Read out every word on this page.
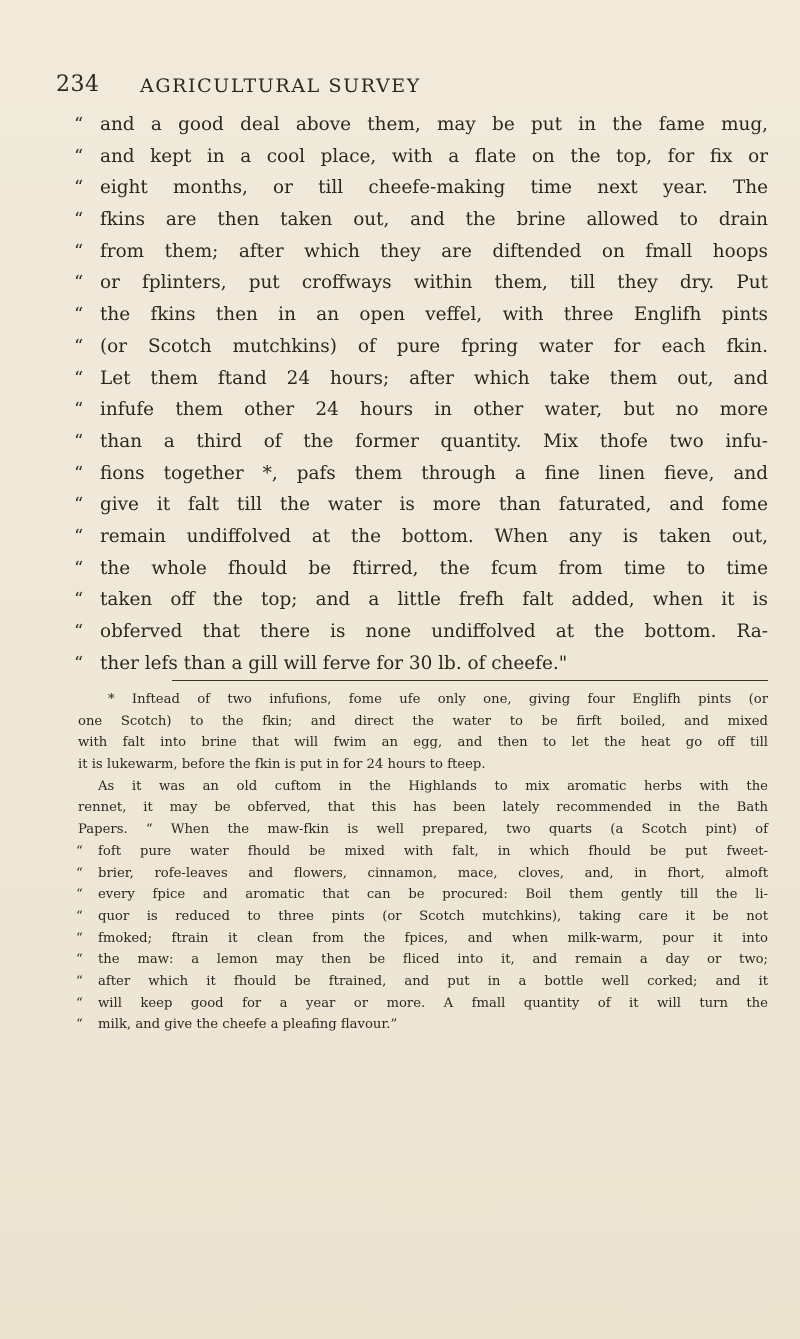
234 AGRICULTURAL SURVEY
“ and a good deal above them, may be put in the fame mug,
“ and kept in a cool place, with a flate on the top, for fix or
“ eight months, or till cheefe-making time next year. The
“ fkins are then taken out, and the brine allowed to drain
“ from them; after which they are diftended on fmall hoops
“ or fplinters, put croffways within them, till they dry. Put
“ the fkins then in an open veffel, with three Englifh pints
“ (or Scotch mutchkins) of pure fpring water for each fkin.
“ Let them ftand 24 hours; after which take them out, and
“ infufe them other 24 hours in other water, but no more
“ than a third of the former quantity. Mix thofe two infu-
“ fions together *, pafs them through a fine linen fieve, and
“ give it falt till the water is more than faturated, and fome
“ remain undiffolved at the bottom. When any is taken out,
“ the whole fhould be ftirred, the fcum from time to time
“ taken off the top; and a little frefh falt added, when it is
“ obferved that there is none undiffolved at the bottom. Ra-
“ ther lefs than a gill will ferve for 30 lb. of cheefe."
* Inftead of two infufions, fome ufe only one, giving four Englifh pints (or
one Scotch) to the fkin; and direct the water to be firft boiled, and mixed
with falt into brine that will fwim an egg, and then to let the heat go off till
it is lukewarm, before the fkin is put in for 24 hours to fteep.
As it was an old cuftom in the Highlands to mix aromatic herbs with the
rennet, it may be obferved, that this has been lately recommended in the Bath
Papers. “ When the maw-fkin is well prepared, two quarts (a Scotch pint) of
“	foft pure water fhould be mixed with falt, in which fhould be put fweet-
“	brier, rofe-leaves and flowers, cinnamon, mace, cloves, and, in fhort, almoft
“	every fpice and aromatic that can be procured: Boil them gently till the li-
“	quor is reduced to three pints (or Scotch mutchkins), taking care it be not
“	fmoked; ftrain it clean from the fpices, and when milk-warm, pour it into
“	the maw: a lemon may then be fliced into it, and remain a day or two;
“	after which it fhould be ftrained, and put in a bottle well corked; and it
“	will keep good for a year or more. A fmall quantity of it will turn the
“	milk, and give the cheefe a pleafing flavour.”
